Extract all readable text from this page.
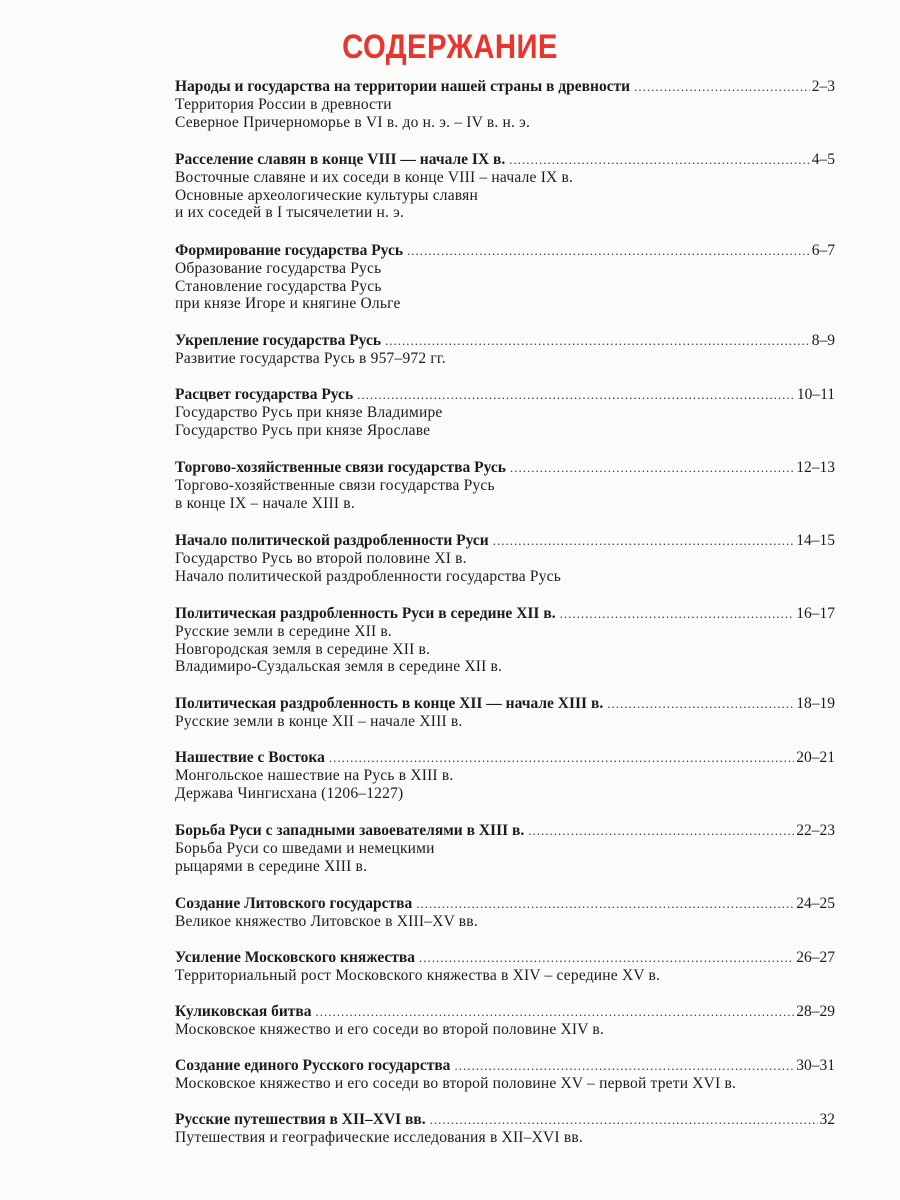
СОДЕРЖАНИЕ
Народы и государства на территории нашей страны в древности .....	2–3
Территория России в древности
Северное Причерноморье в VI в. до н. э. – IV в. н. э.
Расселение славян в конце VIII — начале IX в. .....	4–5
Восточные славяне и их соседи в конце VIII – начале IX в.
Основные археологические культуры славян
и их соседей в I тысячелетии н. э.
Формирование государства Русь .....	6–7
Образование государства Русь
Становление государства Русь
при князе Игоре и княгине Ольге
Укрепление государства Русь .....	8–9
Развитие государства Русь в 957–972 гг.
Расцвет государства Русь .....	10–11
Государство Русь при князе Владимире
Государство Русь при князе Ярославе
Торгово-хозяйственные связи государства Русь .....	12–13
Торгово-хозяйственные связи государства Русь
в конце IX – начале XIII в.
Начало политической раздробленности Руси .....	14–15
Государство Русь во второй половине XI в.
Начало политической раздробленности государства Русь
Политическая раздробленность Руси в середине XII в. .....	16–17
Русские земли в середине XII в.
Новгородская земля в середине XII в.
Владимиро-Суздальская земля в середине XII в.
Политическая раздробленность в конце XII — начале XIII в. .....	18–19
Русские земли в конце XII – начале XIII в.
Нашествие с Востока .....	20–21
Монгольское нашествие на Русь в XIII в.
Держава Чингисхана (1206–1227)
Борьба Руси с западными завоевателями в XIII в. .....	22–23
Борьба Руси со шведами и немецкими
рыцарями в середине XIII в.
Создание Литовского государства .....	24–25
Великое княжество Литовское в XIII–XV вв.
Усиление Московского княжества .....	26–27
Территориальный рост Московского княжества в XIV – середине XV в.
Куликовская битва .....	28–29
Московское княжество и его соседи во второй половине XIV в.
Создание единого Русского государства .....	30–31
Московское княжество и его соседи во второй половине XV – первой трети XVI в.
Русские путешествия в XII–XVI вв. .....	32
Путешествия и географические исследования в XII–XVI вв.
